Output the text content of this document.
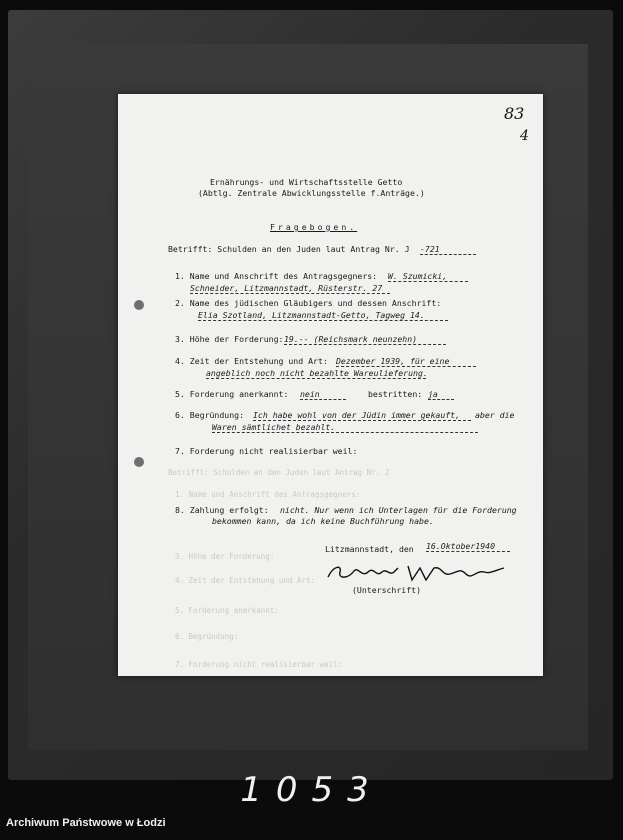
83
4
Ernährungs- und Wirtschaftsstelle Getto
(Abtlg. Zentrale Abwicklungsstelle f.Anträge.)
Fragebogen.
Betrifft: Schulden an den Juden laut Antrag Nr. J -721
1. Name und Anschrift des Antragsgegners: W. Szumicki,
Schneider, Litzmannstadt, Rüsterstr. 27
2. Name des jüdischen Gläubigers und dessen Anschrift:
Elia Szotland, Litzmannstadt-Getto, Tagweg 14.
3. Höhe der Forderung: 19.-- (Reichsmark neunzehn)
4. Zeit der Entstehung und Art: Dezember 1939, für eine
angeblich noch nicht bezahlte Wareulieferung.
5. Forderung anerkannt: nein	bestritten: ja
6. Begründung: Ich habe wohl von der Jüdin immer gekauft,	aber die
Waren sämtlichet bezahlt.
7. Forderung nicht realisierbar weil:
Betrifft: Schulden an den Juden laut Antrag Nr. J
1. Name und Anschrift des Antragsgegners:
3. Höhe der Forderung:
4. Zeit der Entstehung und Art:
5. Forderung anerkannt:
6. Begründung:
7. Forderung nicht realisierbar weil:
8. Zahlung erfolgt: nicht. Nur wenn ich Unterlagen für die Forderung
bekommen kann, da ich keine Buchführung habe.
Litzmannstadt, den 16.Oktober1940
(Unterschrift)
1053
Archiwum Państwowe w Łodzi
